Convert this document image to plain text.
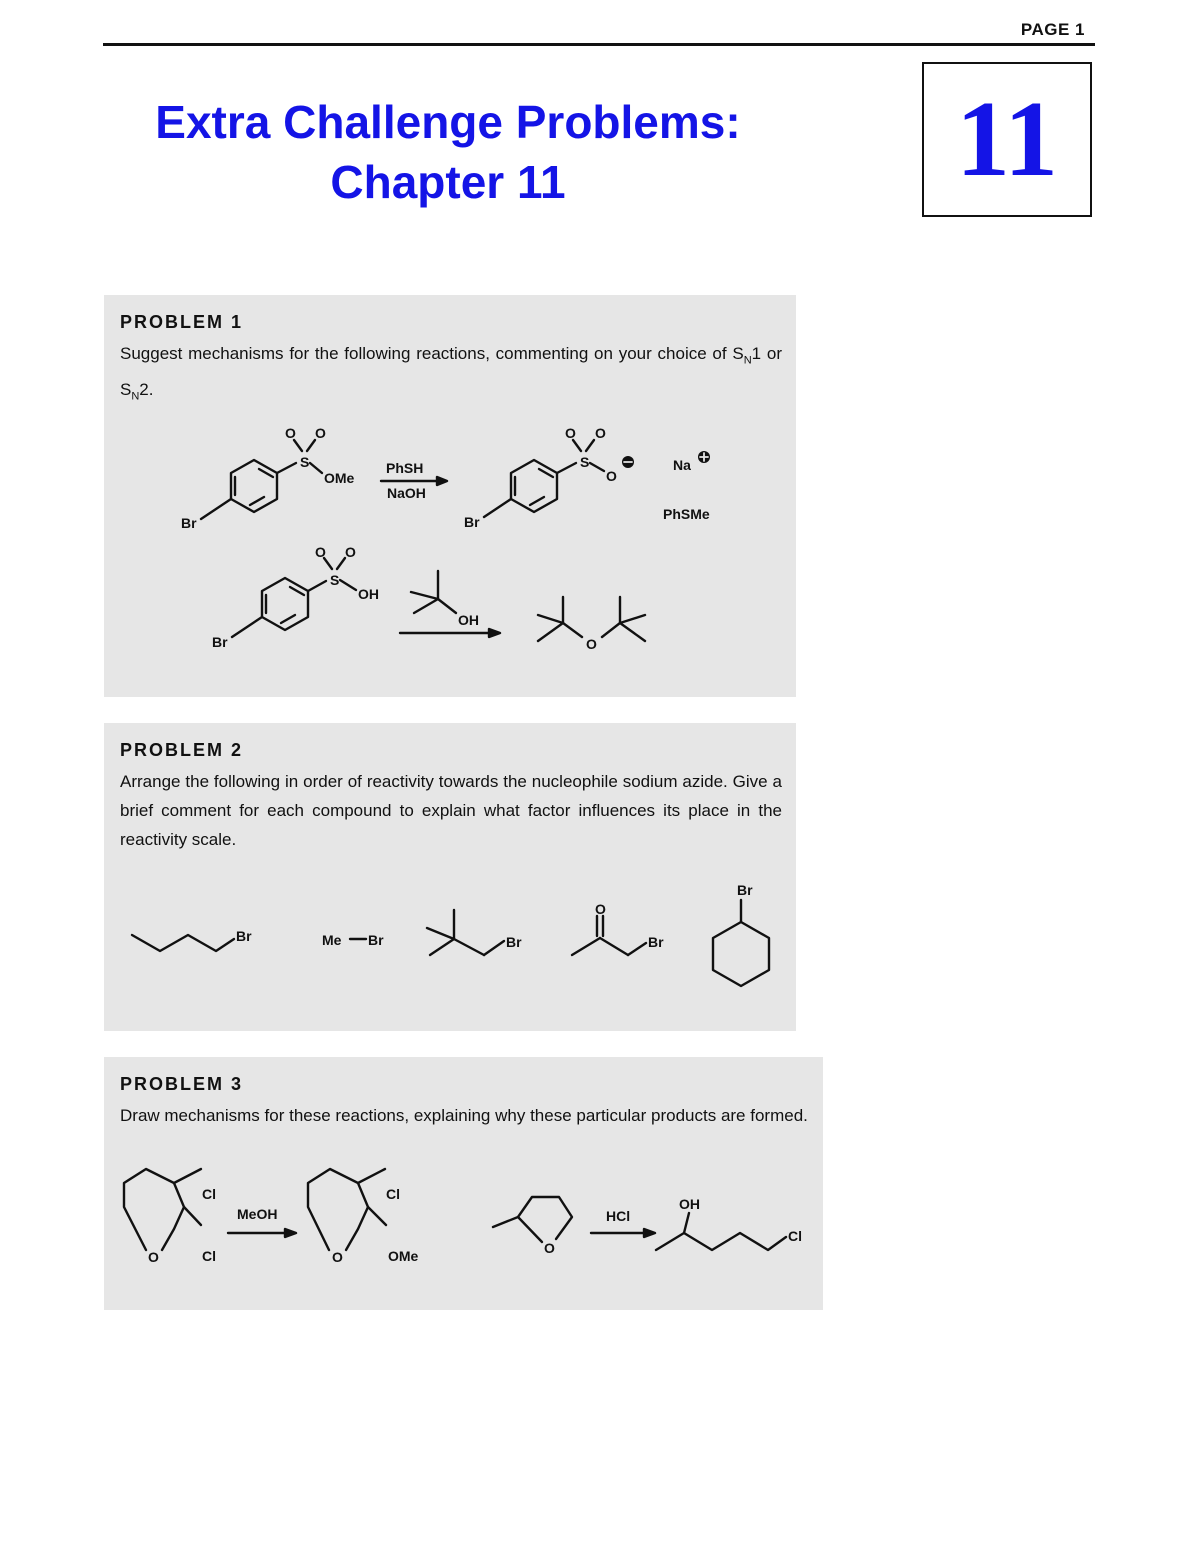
PAGE 1
Extra Challenge Problems:
Chapter 11	11
PROBLEM 1

Suggest mechanisms for the following reactions, commenting on your choice of $S_N1$ or $S_N2$.

S
O O
OMe
Br
PhSH
NaOH
S
O O
O
Br
Na
PhSMe
S
O O
OH
Br
OH
O
PROBLEM 2

Arrange the following in order of reactivity towards the nucleophile sodium azide. Give a brief comment for each compound to explain what factor influences its place in the reactivity scale.

Br	Me Br	Br
O
Br
Br
PROBLEM 3

Draw mechanisms for these reactions, explaining why these particular products are formed.

O
Cl
Cl
MeOH
O
Cl
OMe	O
HCl
OH
Cl
